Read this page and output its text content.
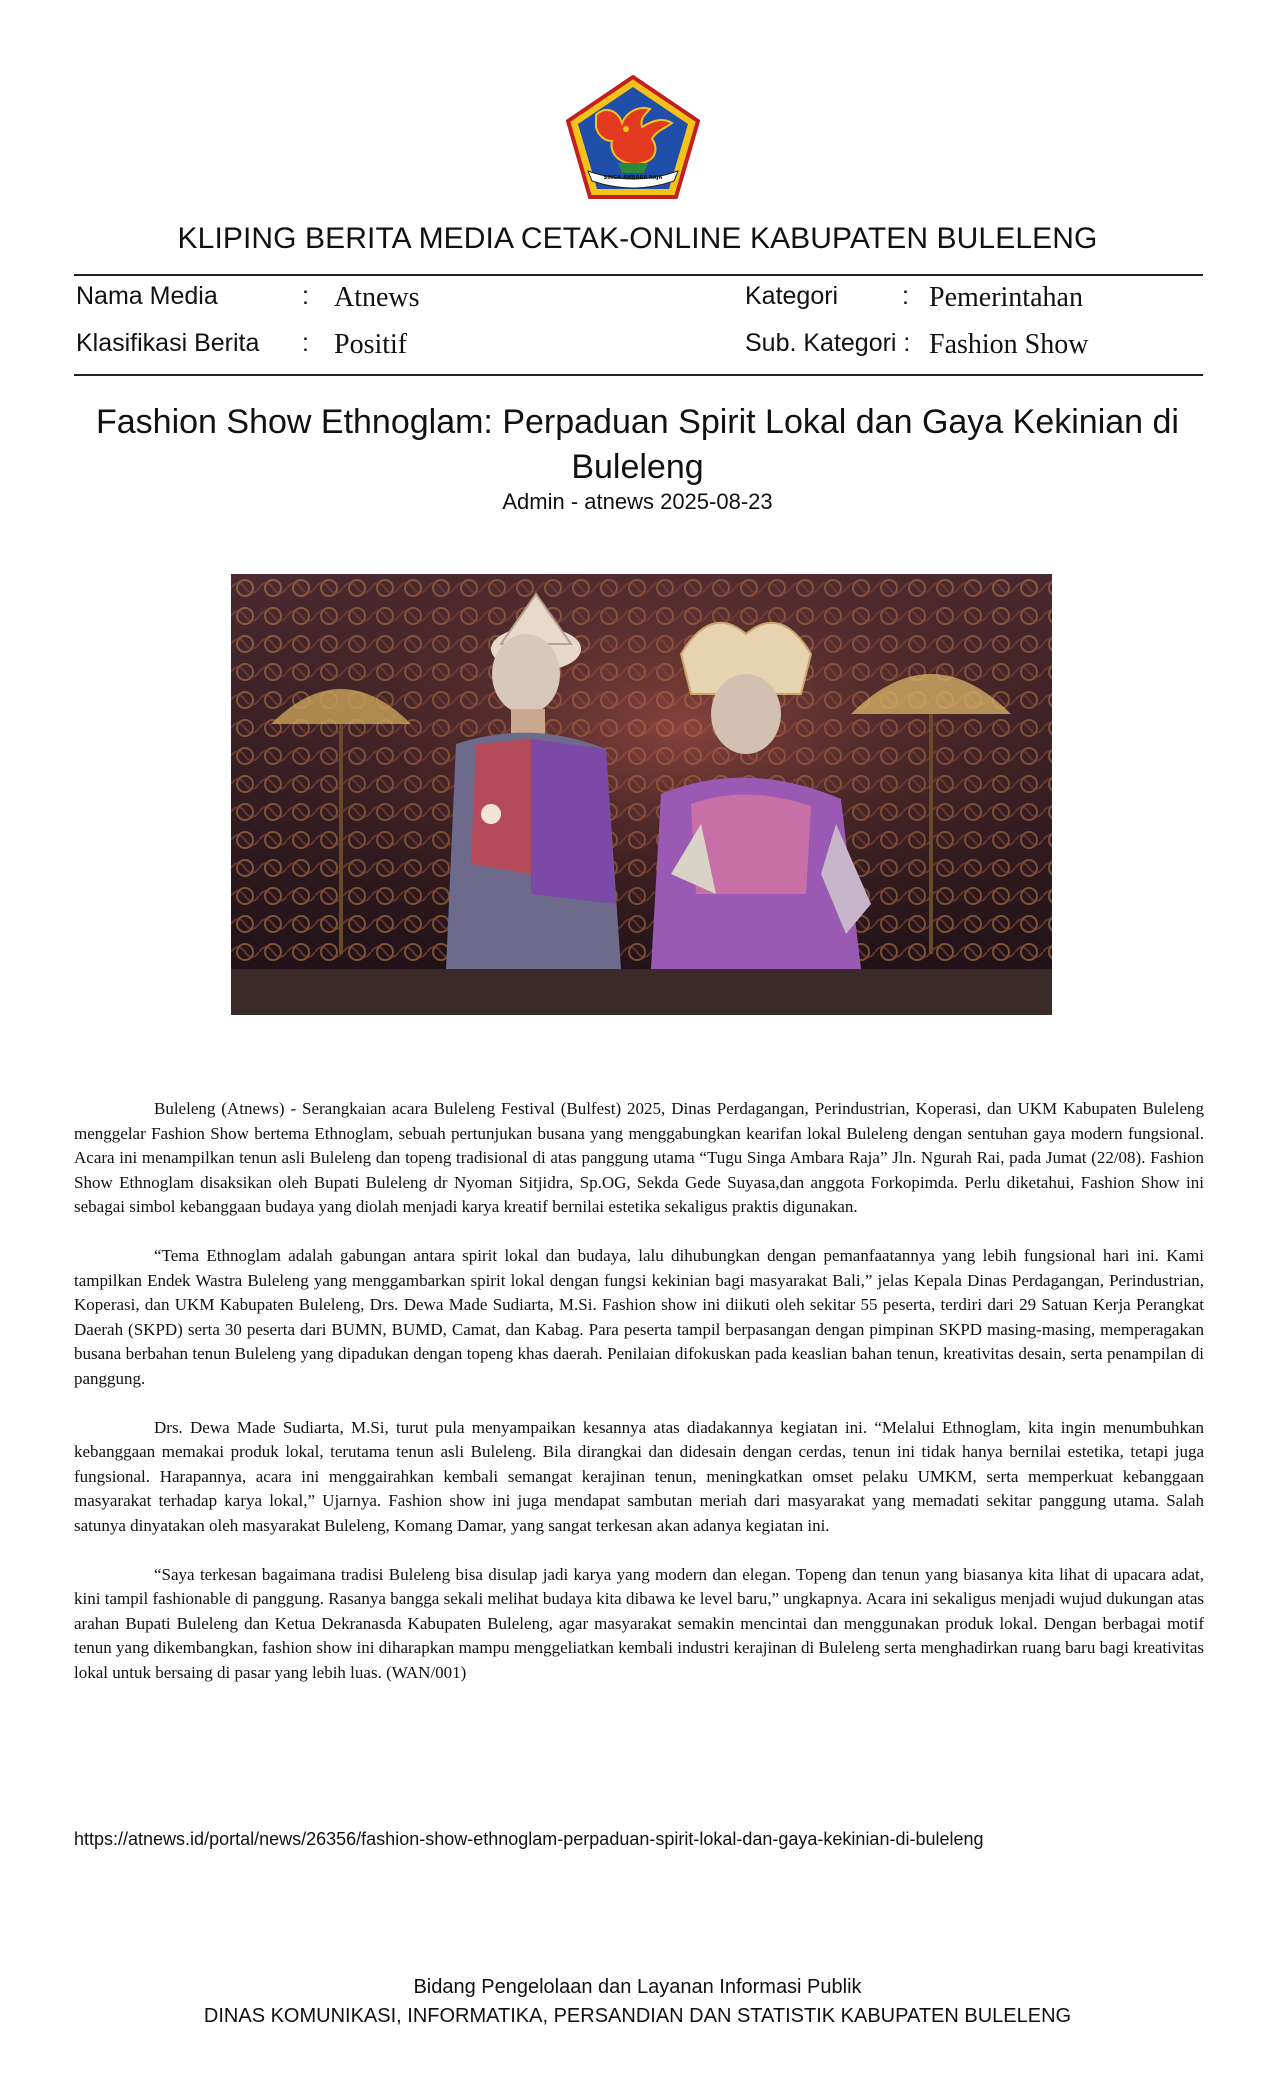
SINGA AMBARA RAJA
KLIPING BERITA MEDIA CETAK-ONLINE KABUPATEN BULELENG
Nama Media	: Atnews	Kategori	: Pemerintahan
Klasifikasi Berita : Positif	Sub. Kategori : Fashion Show
Fashion Show Ethnoglam: Perpaduan Spirit Lokal dan Gaya Kekinian di Buleleng
Admin - atnews 2025-08-23

Buleleng (Atnews) - Serangkaian acara Buleleng Festival (Bulfest) 2025, Dinas Perdagangan, Perindustrian, Koperasi, dan UKM Kabupaten Buleleng menggelar Fashion Show bertema Ethnoglam, sebuah pertunjukan busana yang menggabungkan kearifan lokal Buleleng dengan sentuhan gaya modern fungsional. Acara ini menampilkan tenun asli Buleleng dan topeng tradisional di atas panggung utama “Tugu Singa Ambara Raja” Jln. Ngurah Rai, pada Jumat (22/08). Fashion Show Ethnoglam disaksikan oleh Bupati Buleleng dr Nyoman Sitjidra, Sp.OG, Sekda Gede Suyasa,dan anggota Forkopimda. Perlu diketahui, Fashion Show ini sebagai simbol kebanggaan budaya yang diolah menjadi karya kreatif bernilai estetika sekaligus praktis digunakan.

“Tema Ethnoglam adalah gabungan antara spirit lokal dan budaya, lalu dihubungkan dengan pemanfaatannya yang lebih fungsional hari ini. Kami tampilkan Endek Wastra Buleleng yang menggambarkan spirit lokal dengan fungsi kekinian bagi masyarakat Bali,” jelas Kepala Dinas Perdagangan, Perindustrian, Koperasi, dan UKM Kabupaten Buleleng, Drs. Dewa Made Sudiarta, M.Si. Fashion show ini diikuti oleh sekitar 55 peserta, terdiri dari 29 Satuan Kerja Perangkat Daerah (SKPD) serta 30 peserta dari BUMN, BUMD, Camat, dan Kabag. Para peserta tampil berpasangan dengan pimpinan SKPD masing-masing, memperagakan busana berbahan tenun Buleleng yang dipadukan dengan topeng khas daerah. Penilaian difokuskan pada keaslian bahan tenun, kreativitas desain, serta penampilan di panggung.

Drs. Dewa Made Sudiarta, M.Si, turut pula menyampaikan kesannya atas diadakannya kegiatan ini. “Melalui Ethnoglam, kita ingin menumbuhkan kebanggaan memakai produk lokal, terutama tenun asli Buleleng. Bila dirangkai dan didesain dengan cerdas, tenun ini tidak hanya bernilai estetika, tetapi juga fungsional. Harapannya, acara ini menggairahkan kembali semangat kerajinan tenun, meningkatkan omset pelaku UMKM, serta memperkuat kebanggaan masyarakat terhadap karya lokal,” Ujarnya. Fashion show ini juga mendapat sambutan meriah dari masyarakat yang memadati sekitar panggung utama. Salah satunya dinyatakan oleh masyarakat Buleleng, Komang Damar, yang sangat terkesan akan adanya kegiatan ini.

“Saya terkesan bagaimana tradisi Buleleng bisa disulap jadi karya yang modern dan elegan. Topeng dan tenun yang biasanya kita lihat di upacara adat, kini tampil fashionable di panggung. Rasanya bangga sekali melihat budaya kita dibawa ke level baru,” ungkapnya. Acara ini sekaligus menjadi wujud dukungan atas arahan Bupati Buleleng dan Ketua Dekranasda Kabupaten Buleleng, agar masyarakat semakin mencintai dan menggunakan produk lokal. Dengan berbagai motif tenun yang dikembangkan, fashion show ini diharapkan mampu menggeliatkan kembali industri kerajinan di Buleleng serta menghadirkan ruang baru bagi kreativitas lokal untuk bersaing di pasar yang lebih luas. (WAN/001)

https://atnews.id/portal/news/26356/fashion-show-ethnoglam-perpaduan-spirit-lokal-dan-gaya-kekinian-di-buleleng
Bidang Pengelolaan dan Layanan Informasi Publik
DINAS KOMUNIKASI, INFORMATIKA, PERSANDIAN DAN STATISTIK KABUPATEN BULELENG
